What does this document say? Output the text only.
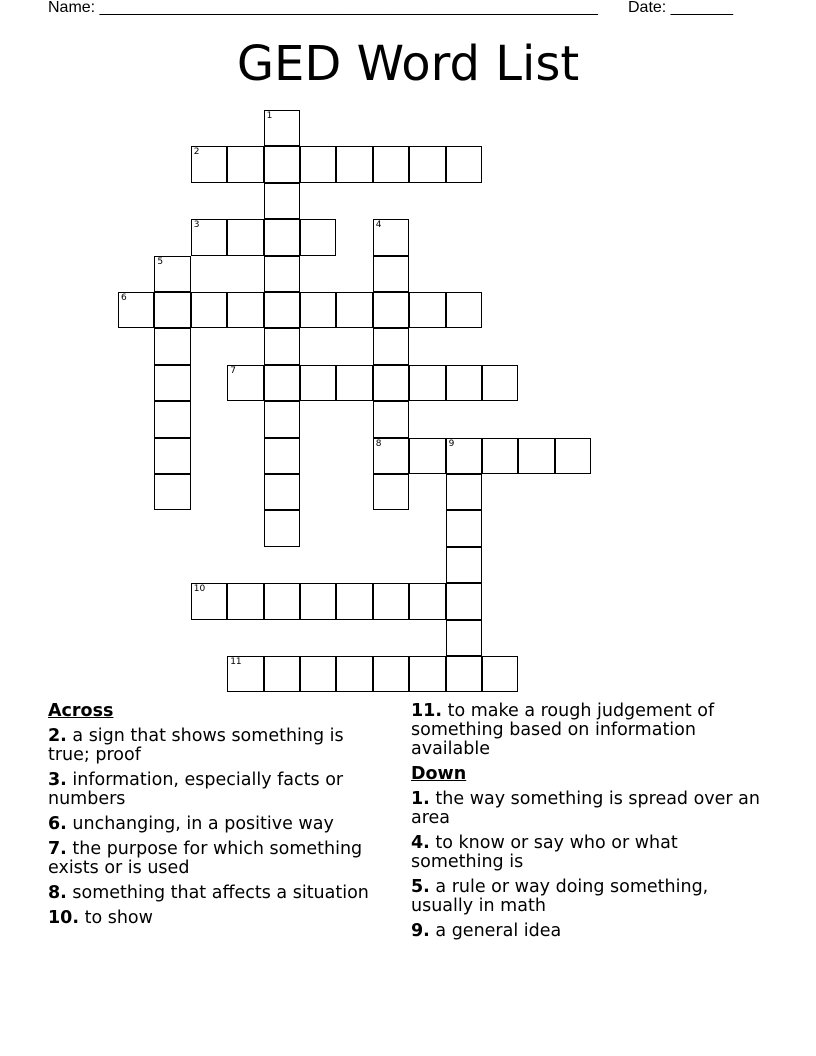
Name: ________________________________________________________ Date: _______
GED Word List
1
2
3	4
8
5
6
7
9
10
11
Across
2. a sign that shows something is true; proof
3. information, especially facts or numbers
6. unchanging, in a positive way
7. the purpose for which something exists or is used
8. something that affects a situation
10. to show
11. to make a rough judgement of something based on information available
Down
1. the way something is spread over an area
4. to know or say who or what something is
5. a rule or way doing something, usually in math
9. a general idea
